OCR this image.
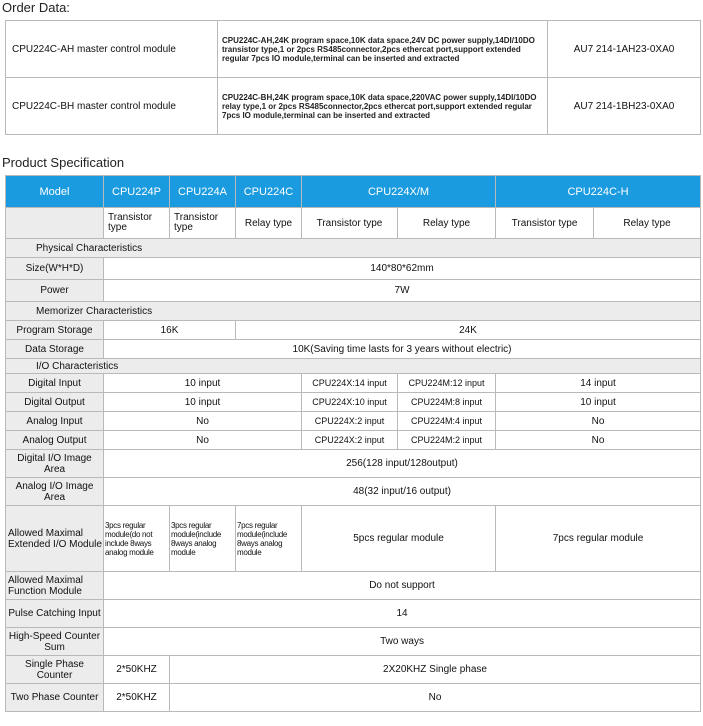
Order Data:
CPU224C-AH master control module	CPU224C-AH,24K program space,10K data space,24V DC power supply,14DI/10DO transistor type,1 or 2pcs RS485connector,2pcs ethercat port,support extended regular 7pcs IO module,terminal can be inserted and extracted	AU7 214-1AH23-0XA0
CPU224C-BH master control module	CPU224C-BH,24K program space,10K data space,220VAC power supply,14DI/10DO relay type,1 or 2pcs RS485connector,2pcs ethercat port,support extended regular 7pcs IO module,terminal can be inserted and extracted	AU7 214-1BH23-0XA0
Product Specification
Model	CPU224P	CPU224A	CPU224C	CPU224X/M		CPU224C-H	
	Transistor type	Transistor type	Relay type	Transistor type	Relay type	Transistor type	Relay type
Physical Characteristics							
Size(W*H*D)	140*80*62mm						
Power	7W						
Memorizer Characteristics							
Program Storage	16K		24K				
Data Storage	10K(Saving time lasts for 3 years without electric)						
I/O Characteristics							
Digital Input	10 input			CPU224X:14 input	CPU224M:12 input	14 input	
Digital Output	10 input			CPU224X:10 input	CPU224M:8 input	10 input	
Analog Input	No			CPU224X:2 input	CPU224M:4 input	No	
Analog Output	No			CPU224X:2 input	CPU224M:2 input	No	
Digital I/O Image Area	256(128 input/128output)						
Analog I/O Image Area	48(32 input/16 output)						
Allowed Maximal Extended I/O Module	3pcs regular module(do not include 8ways analog module	3pcs regular module(include 8ways analog module	7pcs regular module(include 8ways analog module	5pcs regular module		7pcs regular module	
Allowed Maximal Function Module	Do not support						
Pulse Catching Input	14						
High-Speed Counter Sum	Two ways						
Single Phase Counter	2*50KHZ	2X20KHZ Single phase					
Two Phase Counter	2*50KHZ	No					
